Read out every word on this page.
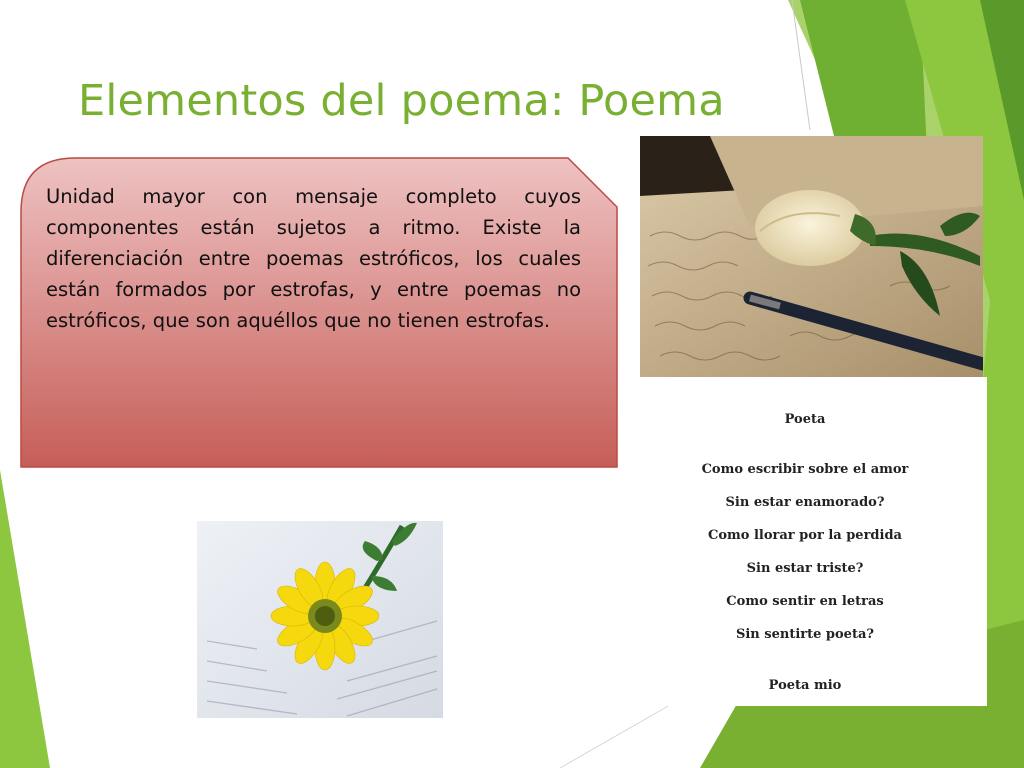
Elementos del poema: Poema
Unidad mayor con mensaje completo cuyos componentes están sujetos a ritmo. Existe la diferenciación entre poemas estróficos, los cuales están formados por estrofas, y entre poemas no estróficos, que son aquéllos que no tienen estrofas.
Poeta
Como escribir sobre el amor
Sin estar enamorado?
Como llorar por la perdida
Sin estar triste?
Como sentir en letras
Sin sentirte poeta?
Poeta mio
